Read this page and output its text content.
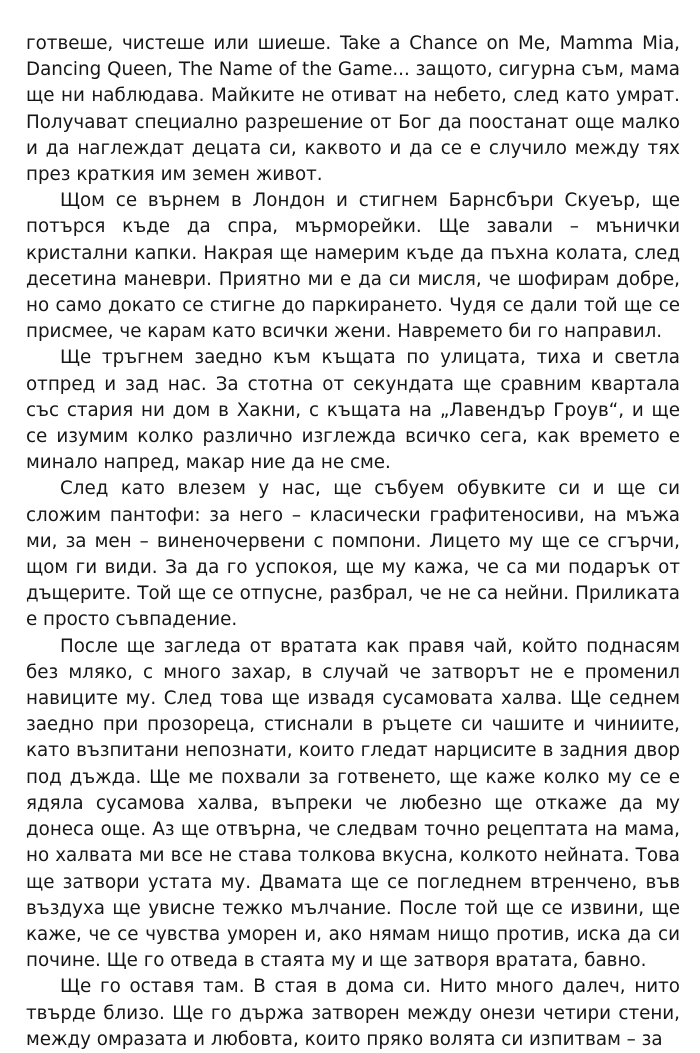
готвеше, чистеше или шиеше. Take a Chance on Me, Mamma Mia, Dancing Queen, The Name of the Game... защото, сигурна съм, мама ще ни наблюдава. Майките не отиват на небето, след като умрат. Получават специално разрешение от Бог да поостанат още малко и да наглеждат децата си, каквото и да се е случило между тях през краткия им земен живот.

Щом се върнем в Лондон и стигнем Барнсбъри Скуеър, ще потърся къде да спра, мърморейки. Ще завали – мънички кристални капки. Накрая ще намерим къде да пъхна колата, след десетина маневри. Приятно ми е да си мисля, че шофирам добре, но само докато се стигне до паркирането. Чудя се дали той ще се присмее, че карам като всички жени. Навремето би го направил.

Ще тръгнем заедно към къщата по улицата, тиха и светла отпред и зад нас. За стотна от секундата ще сравним квартала със стария ни дом в Хакни, с къщата на „Лавендър Гроув“, и ще се изумим колко различно изглежда всичко сега, как времето е минало напред, макар ние да не сме.

След като влезем у нас, ще събуем обувките си и ще си сложим пантофи: за него – класически графитеносиви, на мъжа ми, за мен – виненочервени с помпони. Лицето му ще се сгърчи, щом ги види. За да го успокоя, ще му кажа, че са ми подарък от дъщерите. Той ще се отпусне, разбрал, че не са нейни. Приликата е просто съвпадение.

После ще загледа от вратата как правя чай, който поднасям без мляко, с много захар, в случай че затворът не е променил навиците му. След това ще извадя сусамовата халва. Ще седнем заедно при прозореца, стиснали в ръцете си чашите и чиниите, като възпитани непознати, които гледат нарцисите в задния двор под дъжда. Ще ме похвали за готвенето, ще каже колко му се е ядяла сусамова халва, въпреки че любезно ще откаже да му донеса още. Аз ще отвърна, че следвам точно рецептата на мама, но халвата ми все не става толкова вкусна, колкото нейната. Това ще затвори устата му. Двамата ще се погледнем втренчено, във въздуха ще увисне тежко мълчание. После той ще се извини, ще каже, че се чувства уморен и, ако нямам нищо против, иска да си почине. Ще го отведа в стаята му и ще затворя вратата, бавно.

Ще го оставя там. В стая в дома си. Нито много далеч, нито твърде близо. Ще го държа затворен между онези четири стени, между омразата и любовта, които пряко волята си изпитвам – за
